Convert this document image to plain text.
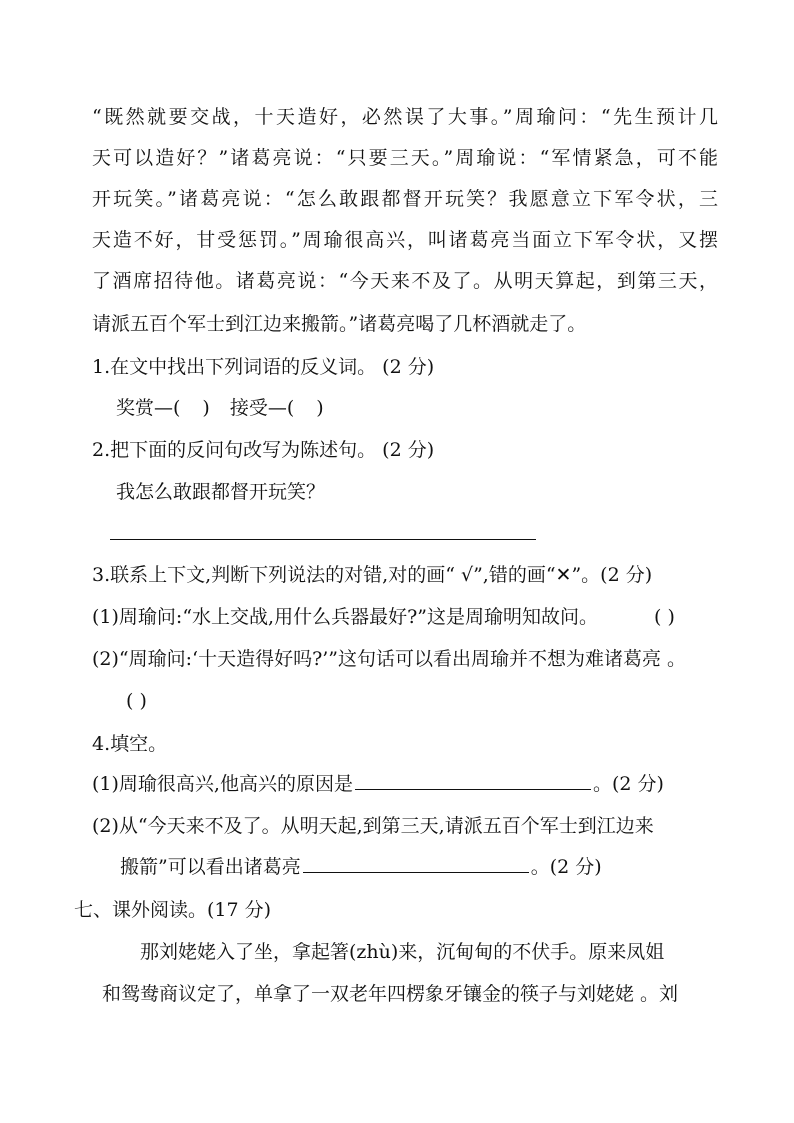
“既然就要交战，十天造好，必然误了大事。”周瑜问：“先生预计几
天可以造好？”诸葛亮说：“只要三天。”周瑜说：“军情紧急，可不能
开玩笑。”诸葛亮说：“怎么敢跟都督开玩笑？我愿意立下军令状，三
天造不好，甘受惩罚。”周瑜很高兴，叫诸葛亮当面立下军令状，又摆
了酒席招待他。诸葛亮说：“今天来不及了。从明天算起，到第三天，
请派五百个军士到江边来搬箭。”诸葛亮喝了几杯酒就走了。
1.在文中找出下列词语的反义词。 (2 分)
奖赏—( ) 接受—( )
2.把下面的反问句改写为陈述句。 (2 分)
我怎么敢跟都督开玩笑？
3.联系上下文,判断下列说法的对错,对的画“ √”,错的画“✕”。(2 分)
(1)周瑜问:“水上交战,用什么兵器最好?”这是周瑜明知故问。	( )
(2)“周瑜问:‘十天造得好吗?’”这句话可以看出周瑜并不想为难诸葛亮 。
( )
4.填空。
(1)周瑜很高兴,他高兴的原因是	。(2 分)
(2)从“今天来不及了。从明天起,到第三天,请派五百个军士到江边来
搬箭”可以看出诸葛亮	。(2 分)
七、课外阅读。(17 分)
那刘姥姥入了坐，拿起箸(zhù)来，沉甸甸的不伏手。原来凤姐
和鸳鸯商议定了，单拿了一双老年四楞象牙镶金的筷子与刘姥姥 。刘
